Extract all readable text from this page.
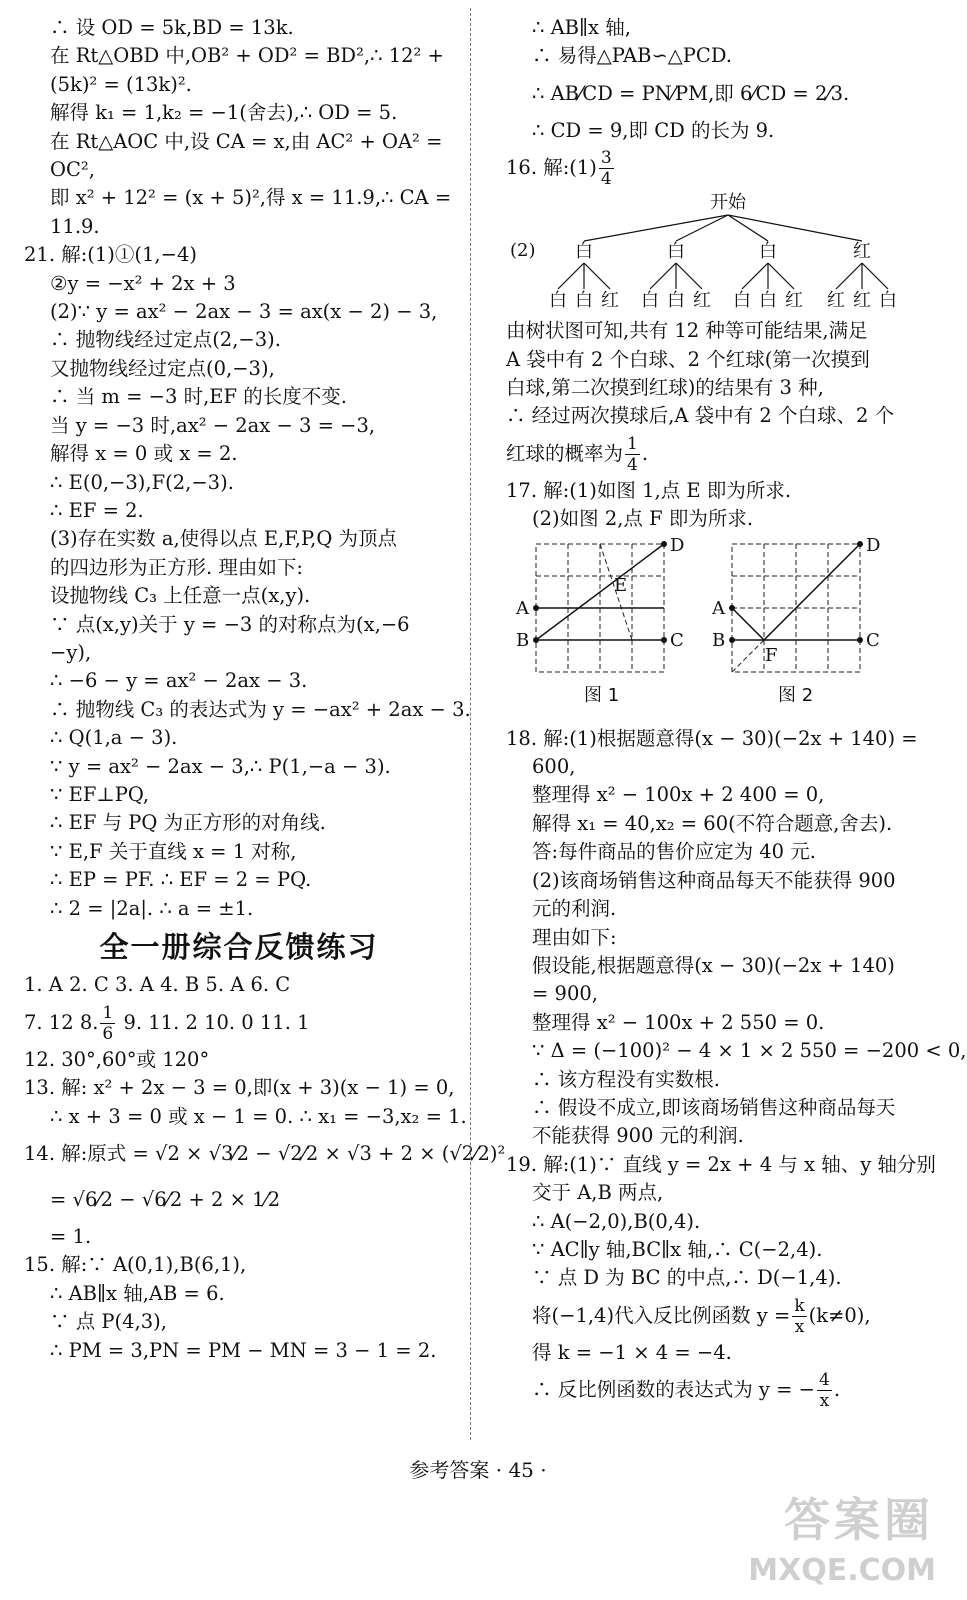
∴ 设 OD = 5k,BD = 13k.
在 Rt△OBD 中,OB² + OD² = BD²,∴ 12² +
(5k)² = (13k)².
解得 k₁ = 1,k₂ = −1(舍去),∴ OD = 5.
在 Rt△AOC 中,设 CA = x,由 AC² + OA² =
OC²,
即 x² + 12² = (x + 5)²,得 x = 11.9,∴ CA =
11.9.
21. 解:(1)①(1,−4)
②y = −x² + 2x + 3
(2)∵ y = ax² − 2ax − 3 = ax(x − 2) − 3,
∴ 抛物线经过定点(2,−3).
又抛物线经过定点(0,−3),
∴ 当 m = −3 时,EF 的长度不变.
当 y = −3 时,ax² − 2ax − 3 = −3,
解得 x = 0 或 x = 2.
∴ E(0,−3),F(2,−3).
∴ EF = 2.
(3)存在实数 a,使得以点 E,F,P,Q 为顶点
的四边形为正方形. 理由如下:
设抛物线 C₃ 上任意一点(x,y).
∵ 点(x,y)关于 y = −3 的对称点为(x,−6
−y),
∴ −6 − y = ax² − 2ax − 3.
∴ 抛物线 C₃ 的表达式为 y = −ax² + 2ax − 3.
∴ Q(1,a − 3).
∵ y = ax² − 2ax − 3,∴ P(1,−a − 3).
∵ EF⊥PQ,
∴ EF 与 PQ 为正方形的对角线.
∵ E,F 关于直线 x = 1 对称,
∴ EP = PF. ∴ EF = 2 = PQ.
∴ 2 = |2a|. ∴ a = ±1.
全一册综合反馈练习
1. A 2. C 3. A 4. B 5. A 6. C
7. 12 8. $\frac{1}{6} 9$. 11. 2 10. 0 11. 1
12. 30°,60°或 120°
13. 解: x² + 2x − 3 = 0,即(x + 3)(x − 1) = 0,
∴ x + 3 = 0 或 x − 1 = 0. ∴ x₁ = −3,x₂ = 1.
14. 解:原式 = √2 × √3⁄2 − √2⁄2 × √3 + 2 × (√2⁄2)²
= √6⁄2 − √6⁄2 + 2 × 1⁄2
= 1.
15. 解:∵ A(0,1),B(6,1),
∴ AB∥x 轴,AB = 6.
∵ 点 P(4,3),
∴ PM = 3,PN = PM − MN = 3 − 1 = 2.
∴ AB∥x 轴,
∴ 易得△PAB∽△PCD.
∴ AB⁄CD = PN⁄PM,即 6⁄CD = 2⁄3.
∴ CD = 9,即 CD 的长为 9.
16. 解:(1) $\frac{3}{4}$
开始
(2) 白	白	白	红
白 白 红 白 白 红 白 白 红 红 红 白
由树状图可知,共有 12 种等可能结果,满足
A 袋中有 2 个白球、2 个红球(第一次摸到
白球,第二次摸到红球)的结果有 3 种,
∴ 经过两次摸球后,A 袋中有 2 个白球、2 个
红球的概率为 $\frac{1}{4}$ .
17. 解:(1)如图 1,点 E 即为所求.
(2)如图 2,点 F 即为所求.
A
B	C
D
E
A
B	C
D
F
图 1	图 2
18. 解:(1)根据题意得(x − 30)(−2x + 140) =
600,
整理得 x² − 100x + 2 400 = 0,
解得 x₁ = 40,x₂ = 60(不符合题意,舍去).
答:每件商品的售价应定为 40 元.
(2)该商场销售这种商品每天不能获得 900
元的利润.
理由如下:
假设能,根据题意得(x − 30)(−2x + 140)
= 900,
整理得 x² − 100x + 2 550 = 0.
∵ Δ = (−100)² − 4 × 1 × 2 550 = −200 < 0,
∴ 该方程没有实数根.
∴ 假设不成立,即该商场销售这种商品每天
不能获得 900 元的利润.
19. 解:(1)∵ 直线 y = 2x + 4 与 x 轴、y 轴分别
交于 A,B 两点,
∴ A(−2,0),B(0,4).
∵ AC∥y 轴,BC∥x 轴,∴ C(−2,4).
∵ 点 D 为 BC 的中点,∴ D(−1,4).
将(−1,4)代入反比例函数 $y = \frac{k}{x} (k\ne 0)$,
得 k = −1 × 4 = −4.
∴ 反比例函数的表达式为 y = − $\frac{4}{x}$ .
参考答案 · 45 ·
答案圈
MXQE.COM
